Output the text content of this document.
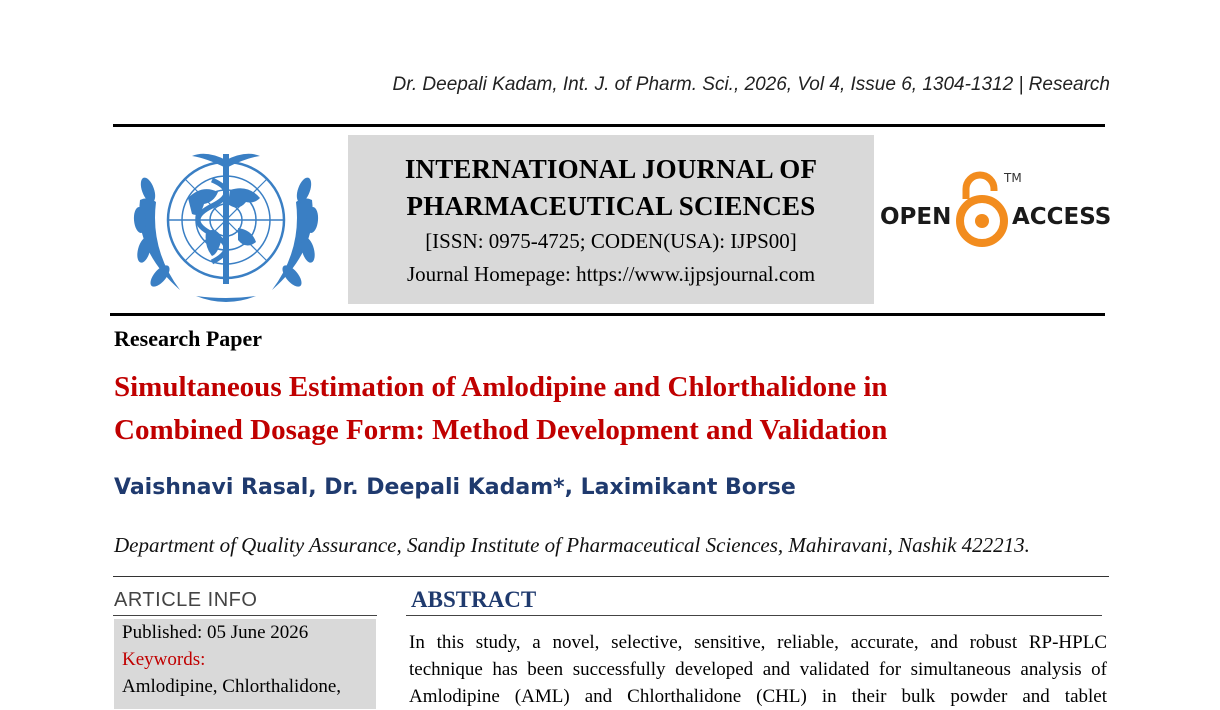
Dr. Deepali Kadam, Int. J. of Pharm. Sci., 2026, Vol 4, Issue 6, 1304-1312 | Research
INTERNATIONAL JOURNAL OF
PHARMACEUTICAL SCIENCES
[ISSN: 0975-4725; CODEN(USA): IJPS00]
Journal Homepage: https://www.ijpsjournal.com
OPEN
TM
ACCESS
Research Paper
Simultaneous Estimation of Amlodipine and Chlorthalidone in
Combined Dosage Form: Method Development and Validation
Vaishnavi Rasal, Dr. Deepali Kadam*, Laximikant Borse
Department of Quality Assurance, Sandip Institute of Pharmaceutical Sciences, Mahiravani, Nashik 422213.
ARTICLE INFO
Published: 05 June 2026
Keywords:
Amlodipine, Chlorthalidone,
ABSTRACT
In this study, a novel, selective, sensitive, reliable, accurate, and robust RP-HPLC
technique has been successfully developed and validated for simultaneous analysis of
Amlodipine (AML) and Chlorthalidone (CHL) in their bulk powder and tablet
